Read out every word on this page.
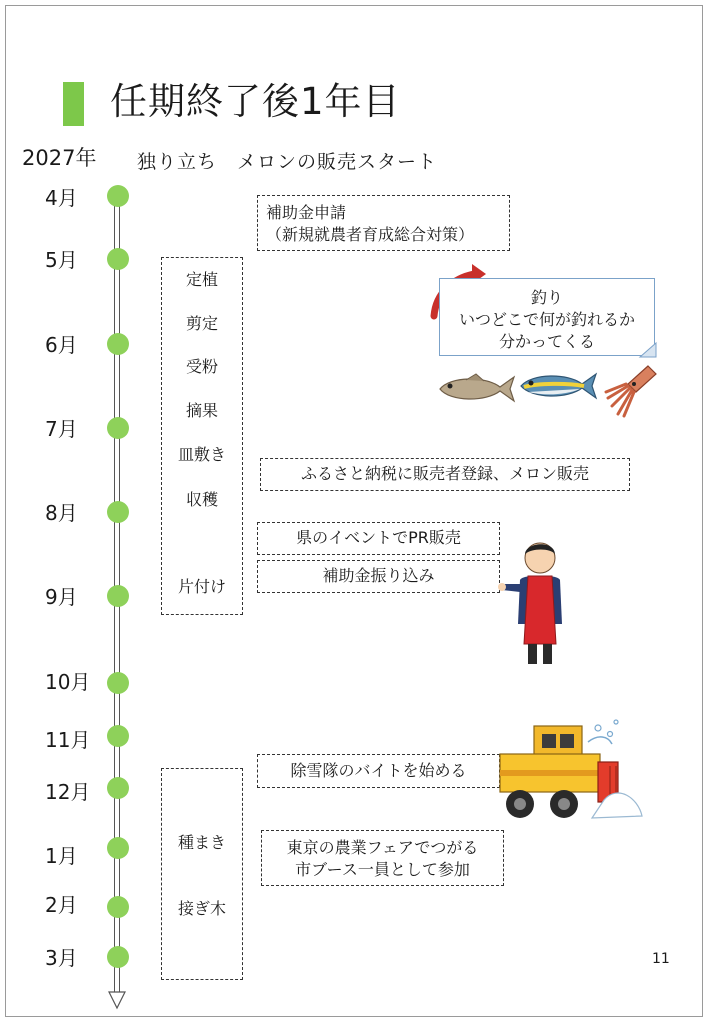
任期終了後1年目
2027年 独り立ち　メロンの販売スタート
4月
5月
6月
7月
8月
9月
10月
11月
12月
1月
2月
3月
定植
剪定
受粉
摘果
皿敷き
収穫
片付け
種まき
接ぎ木
補助金申請
（新規就農者育成総合対策）
ふるさと納税に販売者登録、メロン販売
県のイベントでPR販売
補助金振り込み
除雪隊のバイトを始める
東京の農業フェアでつがる
市ブース一員として参加
釣り
いつどこで何が釣れるか
分かってくる
11
